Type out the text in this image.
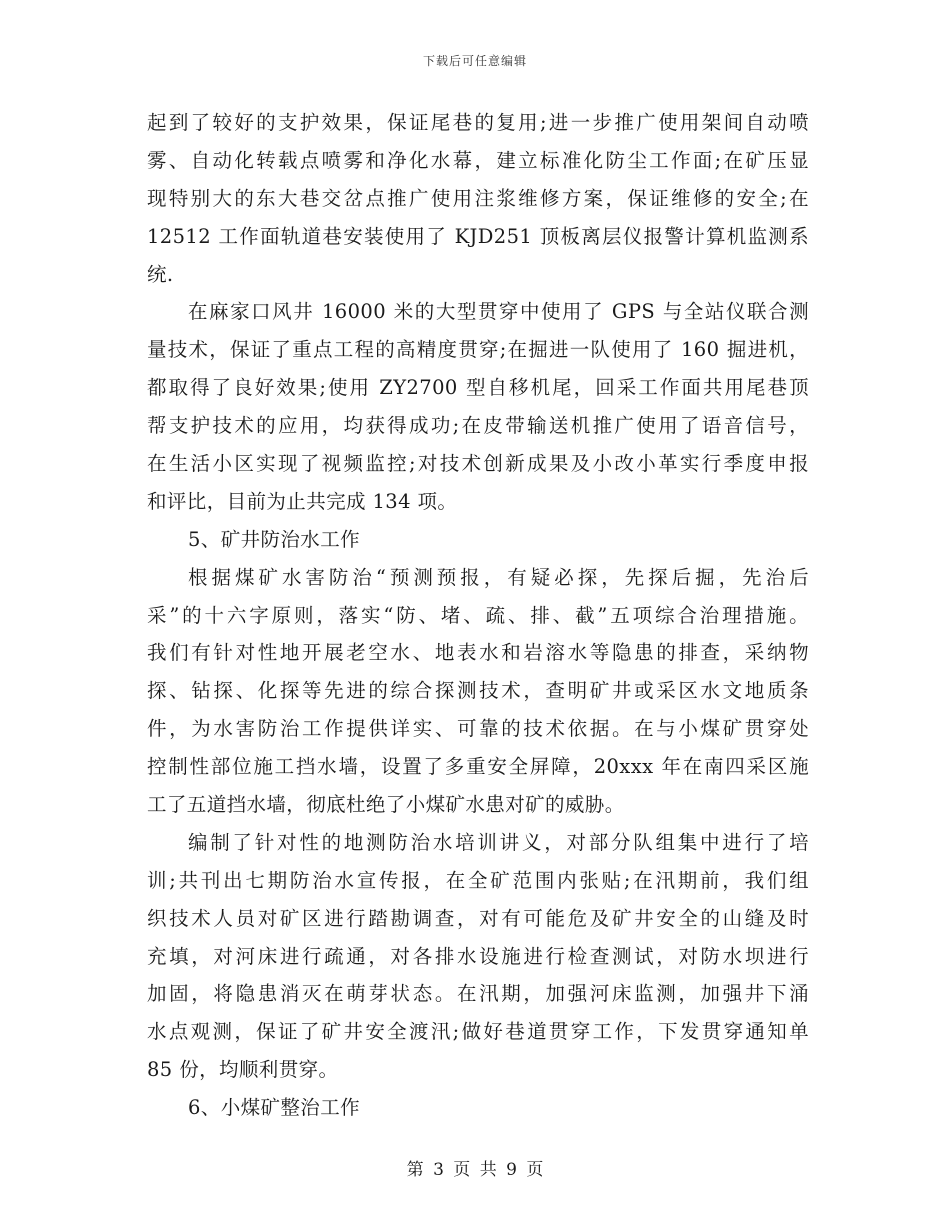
下载后可任意编辑
起到了较好的支护效果，保证尾巷的复用;进一步推广使用架间自动喷
雾、自动化转载点喷雾和净化水幕，建立标准化防尘工作面;在矿压显
现特别大的东大巷交岔点推广使用注浆维修方案，保证维修的安全;在
12512 工作面轨道巷安装使用了 KJD251 顶板离层仪报警计算机监测系
统.
在麻家口风井 16000 米的大型贯穿中使用了 GPS 与全站仪联合测
量技术，保证了重点工程的高精度贯穿;在掘进一队使用了 160 掘进机，
都取得了良好效果;使用 ZY2700 型自移机尾，回采工作面共用尾巷顶
帮支护技术的应用，均获得成功;在皮带输送机推广使用了语音信号，
在生活小区实现了视频监控;对技术创新成果及小改小革实行季度申报
和评比，目前为止共完成 134 项。
5、矿井防治水工作
根据煤矿水害防治“预测预报，有疑必探，先探后掘，先治后
采”的十六字原则，落实“防、堵、疏、排、截”五项综合治理措施。
我们有针对性地开展老空水、地表水和岩溶水等隐患的排查，采纳物
探、钻探、化探等先进的综合探测技术，查明矿井或采区水文地质条
件，为水害防治工作提供详实、可靠的技术依据。在与小煤矿贯穿处
控制性部位施工挡水墙，设置了多重安全屏障，20xxx 年在南四采区施
工了五道挡水墙，彻底杜绝了小煤矿水患对矿的威胁。
编制了针对性的地测防治水培训讲义，对部分队组集中进行了培
训;共刊出七期防治水宣传报，在全矿范围内张贴;在汛期前，我们组
织技术人员对矿区进行踏勘调查，对有可能危及矿井安全的山缝及时
充填，对河床进行疏通，对各排水设施进行检查测试，对防水坝进行
加固，将隐患消灭在萌芽状态。在汛期，加强河床监测，加强井下涌
水点观测，保证了矿井安全渡汛;做好巷道贯穿工作，下发贯穿通知单
85 份，均顺利贯穿。
6、小煤矿整治工作
第 3 页 共 9 页
